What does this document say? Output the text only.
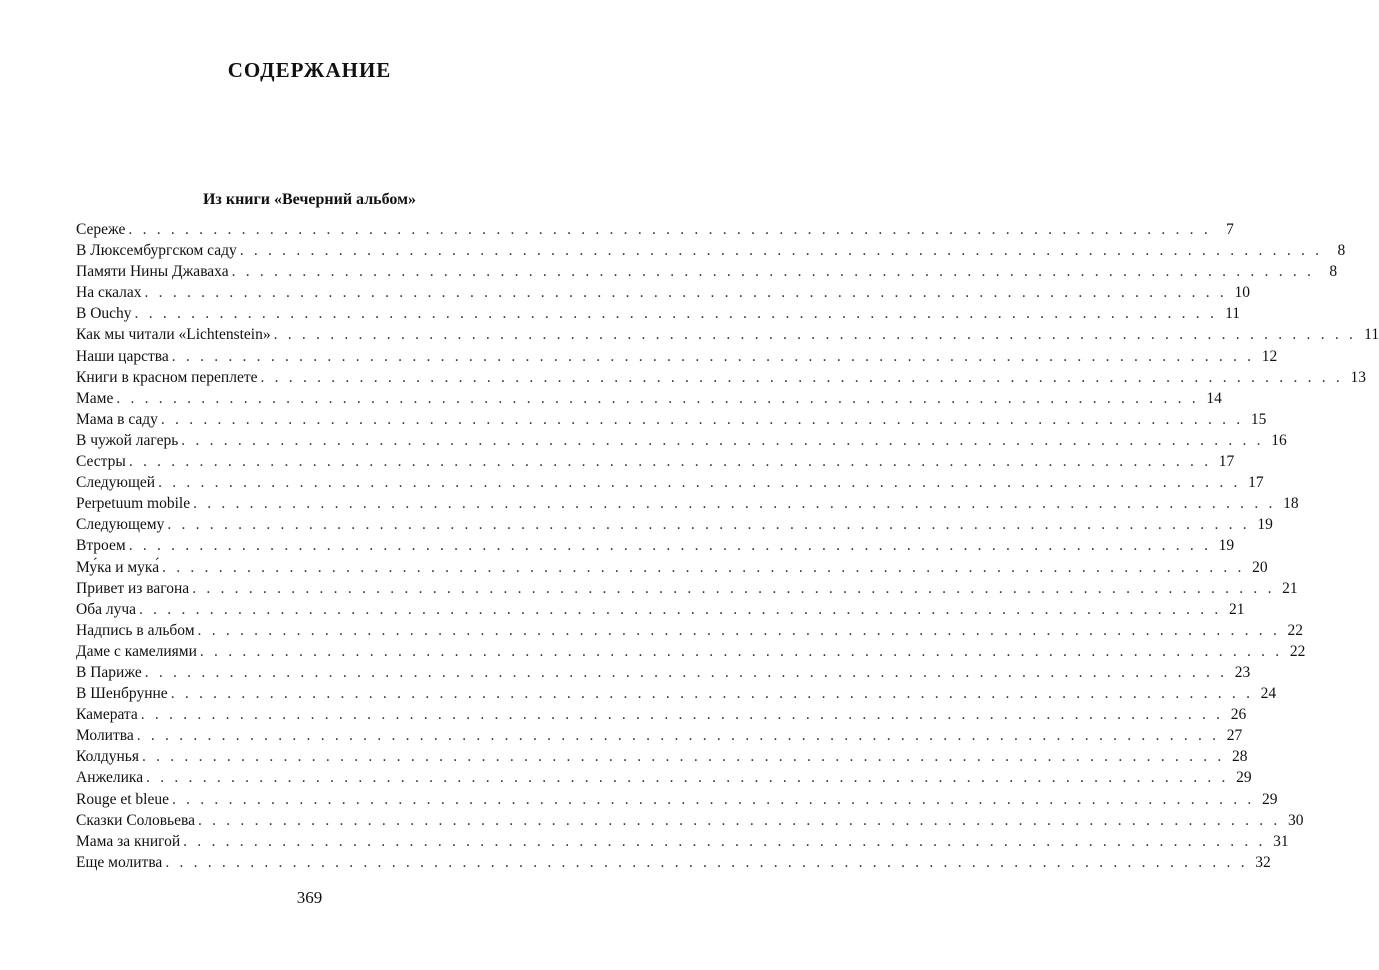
СОДЕРЖАНИЕ
Из книги «Вечерний альбом»
Сереже . . . . . . . . . . . . . . . . . . . . . . . . . . . . . . . . . . . . . . . . . . . . . . . . . . . . . . . . . . . . . . . . . . . . . . . . . . . . . 7
В Люксембургском саду . . . . . . . . . . . . . . . . . . . . . . . . . . . . . . . . . . . . . . . . . . . . . . . . . . . . . . . . . . . . . . . . . . . . . . . . . . . . . 8
Памяти Нины Джаваха . . . . . . . . . . . . . . . . . . . . . . . . . . . . . . . . . . . . . . . . . . . . . . . . . . . . . . . . . . . . . . . . . . . . . . . . . . . . . 8
На скалах . . . . . . . . . . . . . . . . . . . . . . . . . . . . . . . . . . . . . . . . . . . . . . . . . . . . . . . . . . . . . . . . . . . . . . . . . . . . . 10
В Ouchy . . . . . . . . . . . . . . . . . . . . . . . . . . . . . . . . . . . . . . . . . . . . . . . . . . . . . . . . . . . . . . . . . . . . . . . . . . . . . 11
Как мы читали «Lichtenstein» . . . . . . . . . . . . . . . . . . . . . . . . . . . . . . . . . . . . . . . . . . . . . . . . . . . . . . . . . . . . . . . . . . . . . . . . . . . . . 11
Наши царства . . . . . . . . . . . . . . . . . . . . . . . . . . . . . . . . . . . . . . . . . . . . . . . . . . . . . . . . . . . . . . . . . . . . . . . . . . . . . 12
Книги в красном переплете . . . . . . . . . . . . . . . . . . . . . . . . . . . . . . . . . . . . . . . . . . . . . . . . . . . . . . . . . . . . . . . . . . . . . . . . . . . . . 13
Маме . . . . . . . . . . . . . . . . . . . . . . . . . . . . . . . . . . . . . . . . . . . . . . . . . . . . . . . . . . . . . . . . . . . . . . . . . . . . . 14
Мама в саду . . . . . . . . . . . . . . . . . . . . . . . . . . . . . . . . . . . . . . . . . . . . . . . . . . . . . . . . . . . . . . . . . . . . . . . . . . . . . 15
В чужой лагерь . . . . . . . . . . . . . . . . . . . . . . . . . . . . . . . . . . . . . . . . . . . . . . . . . . . . . . . . . . . . . . . . . . . . . . . . . . . . . 16
Сестры . . . . . . . . . . . . . . . . . . . . . . . . . . . . . . . . . . . . . . . . . . . . . . . . . . . . . . . . . . . . . . . . . . . . . . . . . . . . . 17
Следующей . . . . . . . . . . . . . . . . . . . . . . . . . . . . . . . . . . . . . . . . . . . . . . . . . . . . . . . . . . . . . . . . . . . . . . . . . . . . . 17
Perpetuum mobile . . . . . . . . . . . . . . . . . . . . . . . . . . . . . . . . . . . . . . . . . . . . . . . . . . . . . . . . . . . . . . . . . . . . . . . . . . . . . 18
Следующему . . . . . . . . . . . . . . . . . . . . . . . . . . . . . . . . . . . . . . . . . . . . . . . . . . . . . . . . . . . . . . . . . . . . . . . . . . . . . 19
Втроем . . . . . . . . . . . . . . . . . . . . . . . . . . . . . . . . . . . . . . . . . . . . . . . . . . . . . . . . . . . . . . . . . . . . . . . . . . . . . 19
Му́ка и мука́ . . . . . . . . . . . . . . . . . . . . . . . . . . . . . . . . . . . . . . . . . . . . . . . . . . . . . . . . . . . . . . . . . . . . . . . . . . . . . 20
Привет из вагона . . . . . . . . . . . . . . . . . . . . . . . . . . . . . . . . . . . . . . . . . . . . . . . . . . . . . . . . . . . . . . . . . . . . . . . . . . . . . 21
Оба луча . . . . . . . . . . . . . . . . . . . . . . . . . . . . . . . . . . . . . . . . . . . . . . . . . . . . . . . . . . . . . . . . . . . . . . . . . . . . . 21
Надпись в альбом . . . . . . . . . . . . . . . . . . . . . . . . . . . . . . . . . . . . . . . . . . . . . . . . . . . . . . . . . . . . . . . . . . . . . . . . . . . . . 22
Даме с камелиями . . . . . . . . . . . . . . . . . . . . . . . . . . . . . . . . . . . . . . . . . . . . . . . . . . . . . . . . . . . . . . . . . . . . . . . . . . . . . 22
В Париже . . . . . . . . . . . . . . . . . . . . . . . . . . . . . . . . . . . . . . . . . . . . . . . . . . . . . . . . . . . . . . . . . . . . . . . . . . . . . 23
В Шенбрунне . . . . . . . . . . . . . . . . . . . . . . . . . . . . . . . . . . . . . . . . . . . . . . . . . . . . . . . . . . . . . . . . . . . . . . . . . . . . . 24
Камерата . . . . . . . . . . . . . . . . . . . . . . . . . . . . . . . . . . . . . . . . . . . . . . . . . . . . . . . . . . . . . . . . . . . . . . . . . . . . . 26
Молитва . . . . . . . . . . . . . . . . . . . . . . . . . . . . . . . . . . . . . . . . . . . . . . . . . . . . . . . . . . . . . . . . . . . . . . . . . . . . . 27
Колдунья . . . . . . . . . . . . . . . . . . . . . . . . . . . . . . . . . . . . . . . . . . . . . . . . . . . . . . . . . . . . . . . . . . . . . . . . . . . . . 28
Анжелика . . . . . . . . . . . . . . . . . . . . . . . . . . . . . . . . . . . . . . . . . . . . . . . . . . . . . . . . . . . . . . . . . . . . . . . . . . . . . 29
Rouge et bleue . . . . . . . . . . . . . . . . . . . . . . . . . . . . . . . . . . . . . . . . . . . . . . . . . . . . . . . . . . . . . . . . . . . . . . . . . . . . . 29
Сказки Соловьева . . . . . . . . . . . . . . . . . . . . . . . . . . . . . . . . . . . . . . . . . . . . . . . . . . . . . . . . . . . . . . . . . . . . . . . . . . . . . 30
Мама за книгой . . . . . . . . . . . . . . . . . . . . . . . . . . . . . . . . . . . . . . . . . . . . . . . . . . . . . . . . . . . . . . . . . . . . . . . . . . . . . 31
Еще молитва . . . . . . . . . . . . . . . . . . . . . . . . . . . . . . . . . . . . . . . . . . . . . . . . . . . . . . . . . . . . . . . . . . . . . . . . . . . . . 32
369
